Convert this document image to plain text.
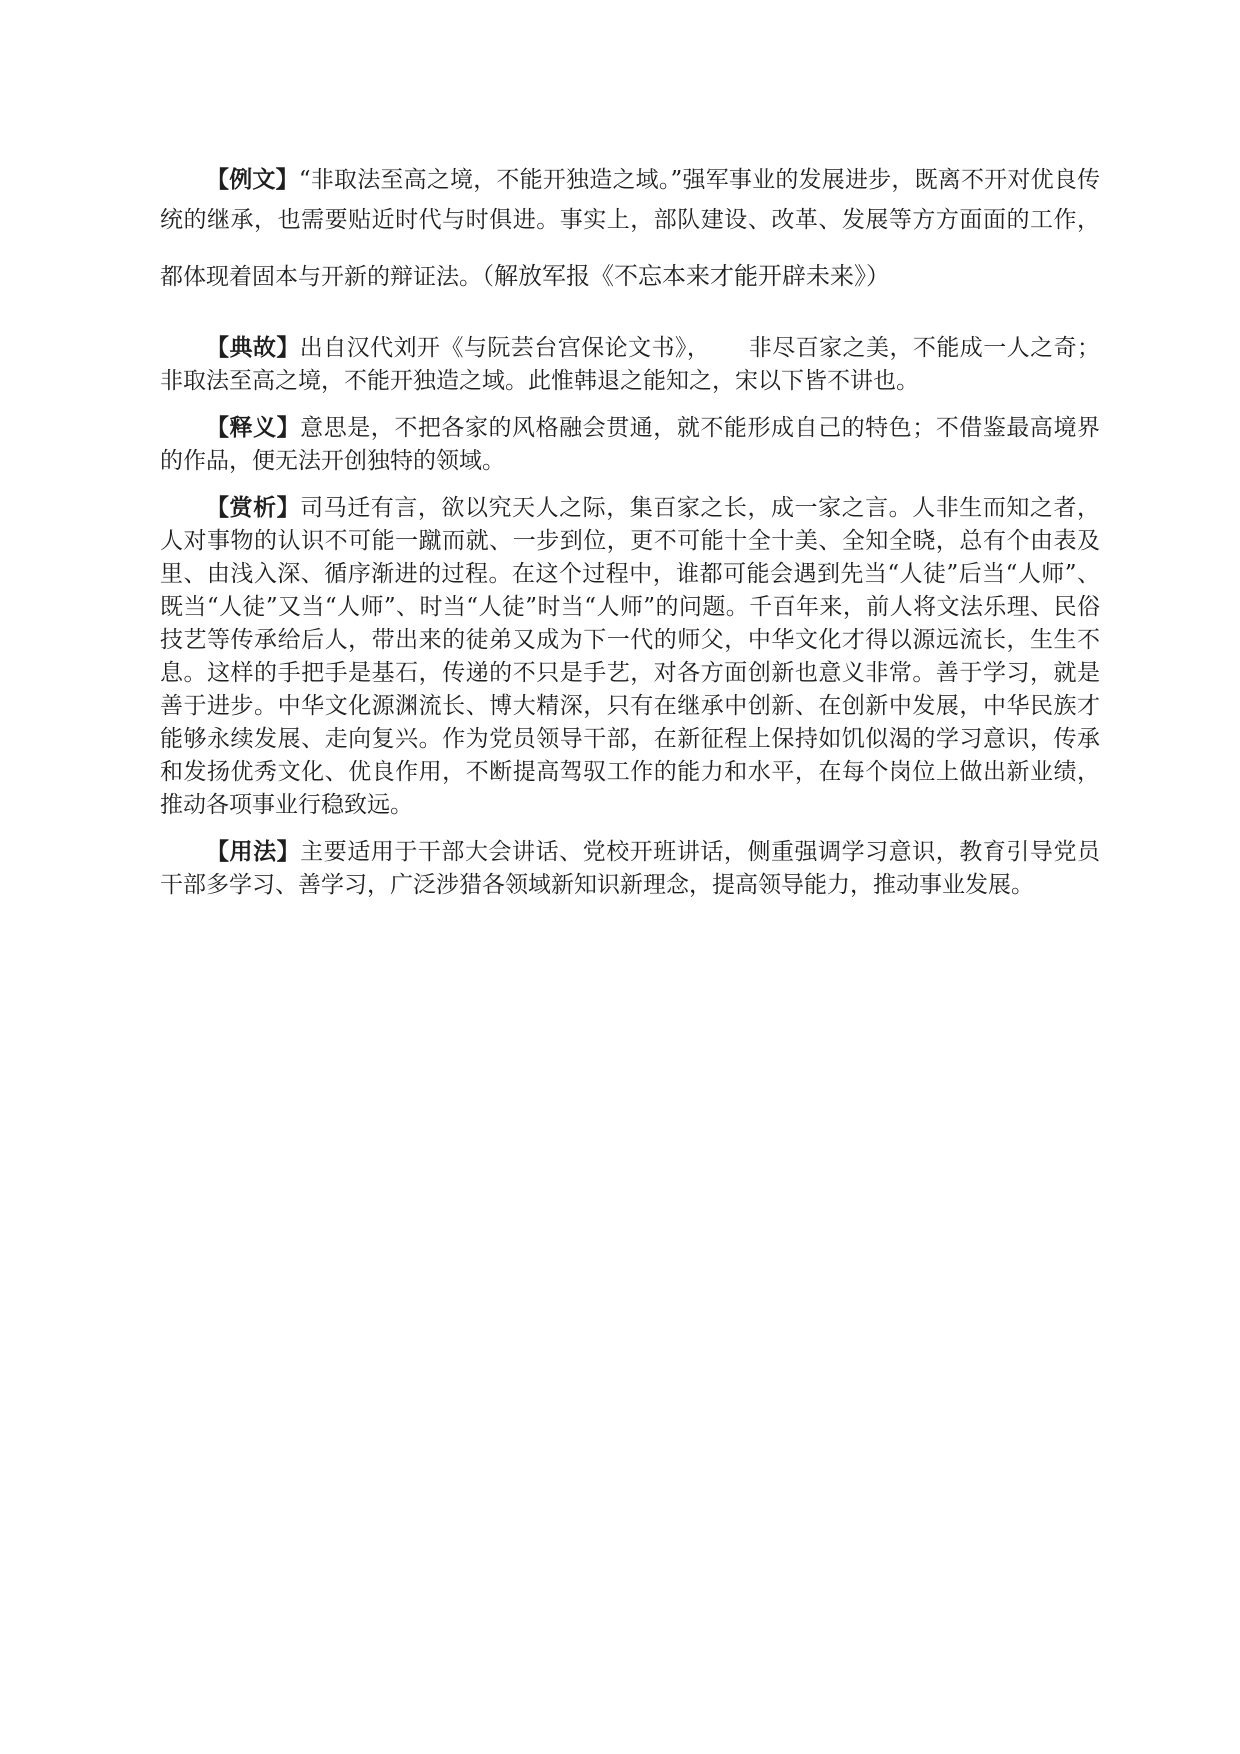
【例文】“非取法至高之境，不能开独造之域。”强军事业的发展进步，既离不开对优良传统的继承，也需要贴近时代与时俱进。事实上，部队建设、改革、发展等方方面面的工作，都体现着固本与开新的辩证法。（解放军报《不忘本来才能开辟未来》）

【典故】出自汉代刘开《与阮芸台宫保论文书》， 非尽百家之美，不能成一人之奇；非取法至高之境，不能开独造之域。此惟韩退之能知之，宋以下皆不讲也。

【释义】意思是，不把各家的风格融会贯通，就不能形成自己的特色；不借鉴最高境界的作品，便无法开创独特的领域。

【赏析】司马迁有言，欲以究天人之际，集百家之长，成一家之言。人非生而知之者，人对事物的认识不可能一蹴而就、一步到位，更不可能十全十美、全知全晓，总有个由表及里、由浅入深、循序渐进的过程。在这个过程中，谁都可能会遇到先当“人徒”后当“人师”、既当“人徒”又当“人师”、时当“人徒”时当“人师”的问题。千百年来，前人将文法乐理、民俗技艺等传承给后人，带出来的徒弟又成为下一代的师父，中华文化才得以源远流长，生生不息。这样的手把手是基石，传递的不只是手艺，对各方面创新也意义非常。善于学习，就是善于进步。中华文化源渊流长、博大精深，只有在继承中创新、在创新中发展，中华民族才能够永续发展、走向复兴。作为党员领导干部，在新征程上保持如饥似渴的学习意识，传承和发扬优秀文化、优良作用，不断提高驾驭工作的能力和水平，在每个岗位上做出新业绩，推动各项事业行稳致远。

【用法】主要适用于干部大会讲话、党校开班讲话，侧重强调学习意识，教育引导党员干部多学习、善学习，广泛涉猎各领域新知识新理念，提高领导能力，推动事业发展。
